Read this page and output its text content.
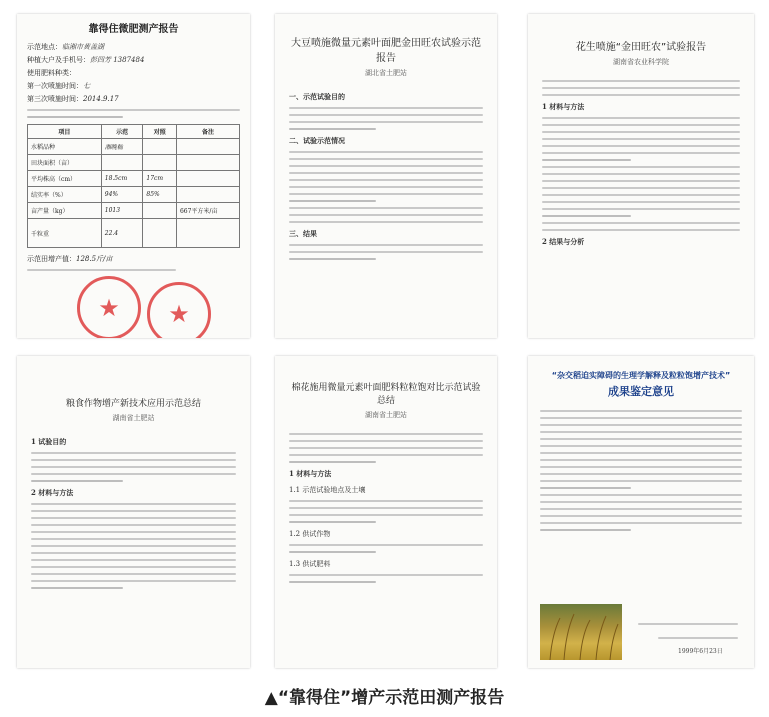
靠得住微肥测产报告
示范地点：临湘市黄盖湖
种植大户及手机号：彭四芳 1387484
使用肥料种类：
第一次喷施时间：七
第三次喷施时间：2014.9.17
项目	示范	对照	备注
水稻品种	湘晚籼		
田块面积（亩）			
平均株高（cm）	18.5cm	17cm	
结实率（%）	94%	85%	
亩产量（kg）	1013		667平方米/亩
千粒重	22.4		
示范田增产值：128.5斤/亩
★	★
大豆喷施微量元素叶面肥金田旺农试验示范报告
湖北省土肥站
一、示范试验目的
二、试验示范情况
三、结果
花生喷施“金田旺农”试验报告
湖南省农业科学院
1 材料与方法
2 结果与分析
粮食作物增产新技术应用示范总结
湖南省土肥站
1 试验目的
2 材料与方法
棉花施用微量元素叶面肥料粒粒饱对比示范试验总结
湖南省土肥站
1 材料与方法
1.1 示范试验地点及土壤
1.2 供试作物
1.3 供试肥料
“杂交稻迫实障碍的生理学解释及粒粒饱增产技术”
成果鉴定意见
1999年6月23日
▲“靠得住”增产示范田测产报告
